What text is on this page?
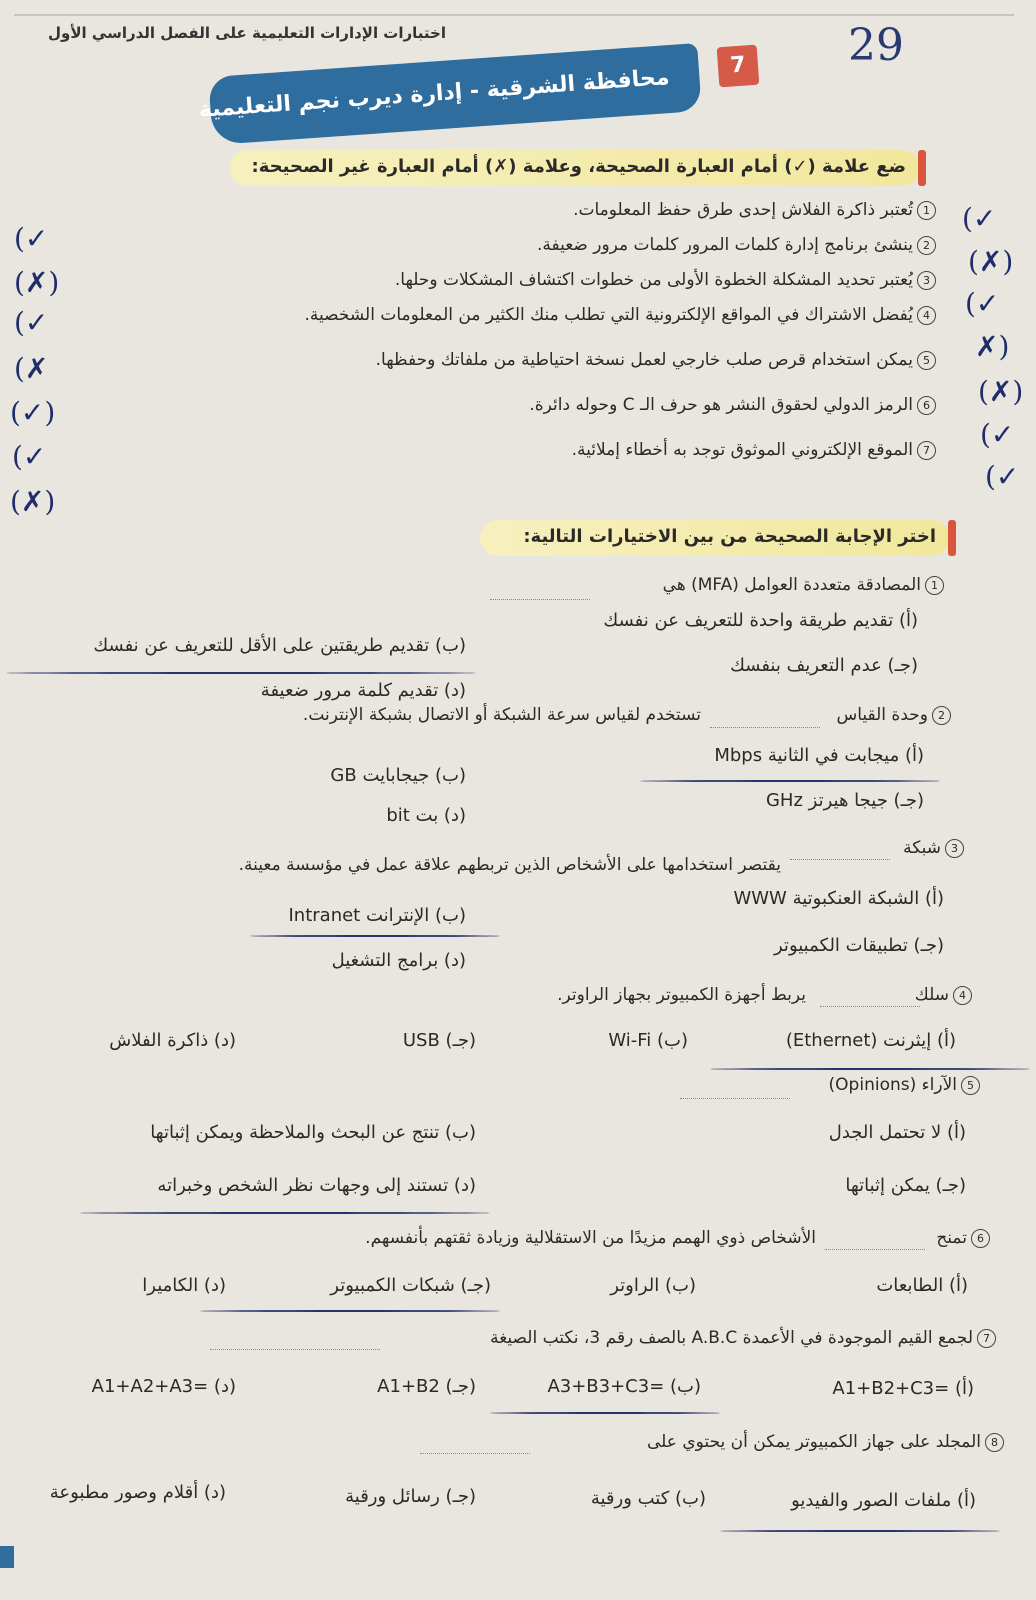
اختبارات الإدارات التعليمية على الفصل الدراسي الأول	29
محافظة الشرقية - إدارة ديرب نجم التعليمية	7
ضع علامة (✓) أمام العبارة الصحيحة، وعلامة (✗) أمام العبارة غير الصحيحة:
1تُعتبر ذاكرة الفلاش إحدى طرق حفظ المعلومات.
2ينشئ برنامج إدارة كلمات المرور كلمات مرور ضعيفة.
3يُعتبر تحديد المشكلة الخطوة الأولى من خطوات اكتشاف المشكلات وحلها.
4يُفضل الاشتراك في المواقع الإلكترونية التي تطلب منك الكثير من المعلومات الشخصية.
5يمكن استخدام قرص صلب خارجي لعمل نسخة احتياطية من ملفاتك وحفظها.
6الرمز الدولي لحقوق النشر هو حرف الـ C وحوله دائرة.
7الموقع الإلكتروني الموثوق توجد به أخطاء إملائية.
(✓
(✗)
(✓
✗)
(✗)
(✓
(✓
(✓
(✗)
(✓
(✗
(✓)
(✓
(✗)
اختر الإجابة الصحيحة من بين الاختيارات التالية:
1المصادقة متعددة العوامل (MFA) هي
(أ) تقديم طريقة واحدة للتعريف عن نفسك
(ب) تقديم طريقتين على الأقل للتعريف عن نفسك
(جـ) عدم التعريف بنفسك
(د) تقديم كلمة مرور ضعيفة
2وحدة القياس
تستخدم لقياس سرعة الشبكة أو الاتصال بشبكة الإنترنت.
(أ) ميجابت في الثانية Mbps
(ب) جيجابايت GB
(جـ) جيجا هيرتز GHz
(د) بت bit
3شبكة
يقتصر استخدامها على الأشخاص الذين تربطهم علاقة عمل في مؤسسة معينة.
(أ) الشبكة العنكبوتية WWW
(ب) الإنترانت Intranet
(جـ) تطبيقات الكمبيوتر
(د) برامج التشغيل
4سلك
يربط أجهزة الكمبيوتر بجهاز الراوتر.
(أ) إيثرنت (Ethernet)
(ب) Wi-Fi
(جـ) USB
(د) ذاكرة الفلاش
5الآراء (Opinions)
(أ) لا تحتمل الجدل
(ب) تنتج عن البحث والملاحظة ويمكن إثباتها
(جـ) يمكن إثباتها
(د) تستند إلى وجهات نظر الشخص وخبراته
6تمنح
الأشخاص ذوي الهمم مزيدًا من الاستقلالية وزيادة ثقتهم بأنفسهم.
(أ) الطابعات
(ب) الراوتر
(جـ) شبكات الكمبيوتر
(د) الكاميرا
7لجمع القيم الموجودة في الأعمدة A.B.C بالصف رقم 3، نكتب الصيغة
(أ) =A1+B2+C3
(ب) =A3+B3+C3
(جـ) A1+B2
(د) =A1+A2+A3
8المجلد على جهاز الكمبيوتر يمكن أن يحتوي على
(أ) ملفات الصور والفيديو
(ب) كتب ورقية
(جـ) رسائل ورقية
(د) أقلام وصور مطبوعة
